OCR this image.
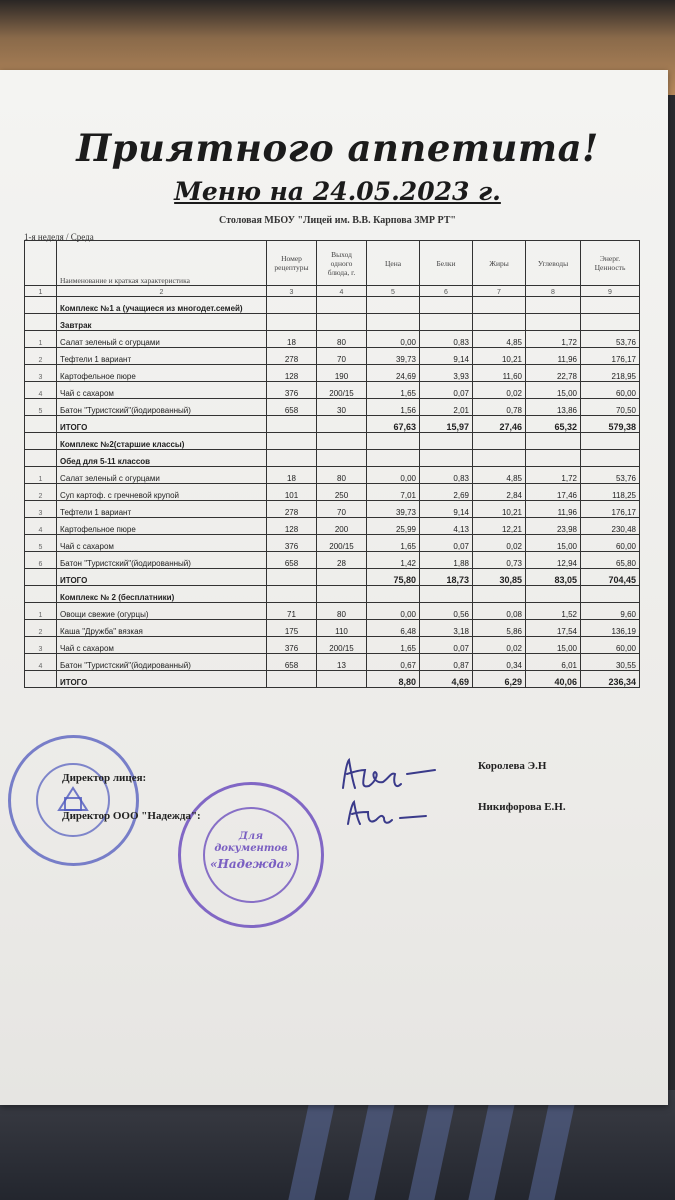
Приятного аппетита!
Меню на 24.05.2023 г.
Столовая МБОУ "Лицей им. В.В. Карпова ЗМР РТ"
1-я неделя / Среда
	Наименование и краткая характеристика	Номер рецептуры	Выход одного блюда, г.	Цена	Белки	Жиры	Углеводы	Энерг. Ценность
1	2	3	4	5	6	7	8	9
	Комплекс №1 а (учащиеся из многодет.семей)							
	Завтрак							
1	Салат зеленый с огурцами	18	80	0,00	0,83	4,85	1,72	53,76
2	Тефтели 1 вариант	278	70	39,73	9,14	10,21	11,96	176,17
3	Картофельное пюре	128	190	24,69	3,93	11,60	22,78	218,95
4	Чай с сахаром	376	200/15	1,65	0,07	0,02	15,00	60,00
5	Батон "Туристский"(йодированный)	658	30	1,56	2,01	0,78	13,86	70,50
	ИТОГО			67,63	15,97	27,46	65,32	579,38
	Комплекс №2(старшие классы)							
	Обед для 5-11 классов							
1	Салат зеленый с огурцами	18	80	0,00	0,83	4,85	1,72	53,76
2	Суп картоф. с гречневой крупой	101	250	7,01	2,69	2,84	17,46	118,25
3	Тефтели 1 вариант	278	70	39,73	9,14	10,21	11,96	176,17
4	Картофельное пюре	128	200	25,99	4,13	12,21	23,98	230,48
5	Чай с сахаром	376	200/15	1,65	0,07	0,02	15,00	60,00
6	Батон "Туристский"(йодированный)	658	28	1,42	1,88	0,73	12,94	65,80
	ИТОГО			75,80	18,73	30,85	83,05	704,45
	Комплекс № 2 (бесплатники)							
1	Овощи свежие (огурцы)	71	80	0,00	0,56	0,08	1,52	9,60
2	Каша "Дружба" вязкая	175	110	6,48	3,18	5,86	17,54	136,19
3	Чай с сахаром	376	200/15	1,65	0,07	0,02	15,00	60,00
4	Батон "Туристский"(йодированный)	658	13	0,67	0,87	0,34	6,01	30,55
	ИТОГО			8,80	4,69	6,29	40,06	236,34
Для
документов
«Надежда»
Директор лицея:
Директор ООО "Надежда":
Королева Э.Н
Никифорова Е.Н.
